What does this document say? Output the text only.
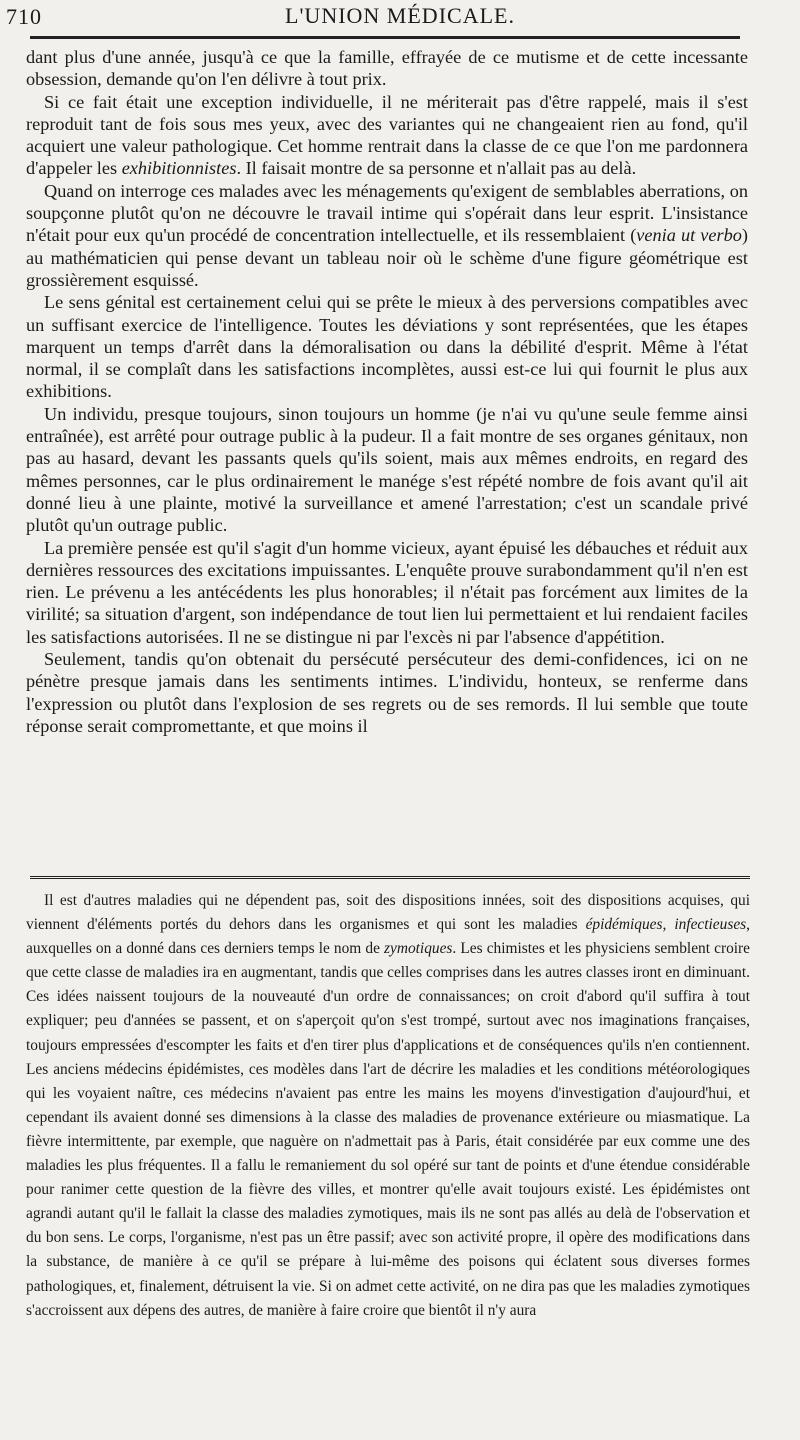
710	L'UNION MÉDICALE.

dant plus d'une année, jusqu'à ce que la famille, effrayée de ce mutisme et de cette incessante obsession, demande qu'on l'en délivre à tout prix.

Si ce fait était une exception individuelle, il ne mériterait pas d'être rappelé, mais il s'est reproduit tant de fois sous mes yeux, avec des variantes qui ne changeaient rien au fond, qu'il acquiert une valeur pathologique. Cet homme rentrait dans la classe de ce que l'on me pardonnera d'appeler les exhibitionnistes. Il faisait montre de sa personne et n'allait pas au delà.

Quand on interroge ces malades avec les ménagements qu'exigent de semblables aberrations, on soupçonne plutôt qu'on ne découvre le travail intime qui s'opérait dans leur esprit. L'insistance n'était pour eux qu'un procédé de concentration intellectuelle, et ils ressemblaient (venia ut verbo) au mathématicien qui pense devant un tableau noir où le schème d'une figure géométrique est grossièrement esquissé.

Le sens génital est certainement celui qui se prête le mieux à des perversions compatibles avec un suffisant exercice de l'intelligence. Toutes les déviations y sont représentées, que les étapes marquent un temps d'arrêt dans la démoralisation ou dans la débilité d'esprit. Même à l'état normal, il se complaît dans les satisfactions incomplètes, aussi est-ce lui qui fournit le plus aux exhibitions.

Un individu, presque toujours, sinon toujours un homme (je n'ai vu qu'une seule femme ainsi entraînée), est arrêté pour outrage public à la pudeur. Il a fait montre de ses organes génitaux, non pas au hasard, devant les passants quels qu'ils soient, mais aux mêmes endroits, en regard des mêmes personnes, car le plus ordinairement le manége s'est répété nombre de fois avant qu'il ait donné lieu à une plainte, motivé la surveillance et amené l'arrestation; c'est un scandale privé plutôt qu'un outrage public.

La première pensée est qu'il s'agit d'un homme vicieux, ayant épuisé les débauches et réduit aux dernières ressources des excitations impuissantes. L'enquête prouve surabondamment qu'il n'en est rien. Le prévenu a les antécédents les plus honorables; il n'était pas forcément aux limites de la virilité; sa situation d'argent, son indépendance de tout lien lui permettaient et lui rendaient faciles les satisfactions autorisées. Il ne se distingue ni par l'excès ni par l'absence d'appétition.

Seulement, tandis qu'on obtenait du persécuté persécuteur des demi-confidences, ici on ne pénètre presque jamais dans les sentiments intimes. L'individu, honteux, se renferme dans l'expression ou plutôt dans l'explosion de ses regrets ou de ses remords. Il lui semble que toute réponse serait compromettante, et que moins il

Il est d'autres maladies qui ne dépendent pas, soit des dispositions innées, soit des dispositions acquises, qui viennent d'éléments portés du dehors dans les organismes et qui sont les maladies épidémiques, infectieuses, auxquelles on a donné dans ces derniers temps le nom de zymotiques. Les chimistes et les physiciens semblent croire que cette classe de maladies ira en augmentant, tandis que celles comprises dans les autres classes iront en diminuant. Ces idées naissent toujours de la nouveauté d'un ordre de connaissances; on croit d'abord qu'il suffira à tout expliquer; peu d'années se passent, et on s'aperçoit qu'on s'est trompé, surtout avec nos imaginations françaises, toujours empressées d'escompter les faits et d'en tirer plus d'applications et de conséquences qu'ils n'en contiennent. Les anciens médecins épidémistes, ces modèles dans l'art de décrire les maladies et les conditions météorologiques qui les voyaient naître, ces médecins n'avaient pas entre les mains les moyens d'investigation d'aujourd'hui, et cependant ils avaient donné ses dimensions à la classe des maladies de provenance extérieure ou miasmatique. La fièvre intermittente, par exemple, que naguère on n'admettait pas à Paris, était considérée par eux comme une des maladies les plus fréquentes. Il a fallu le remaniement du sol opéré sur tant de points et d'une étendue considérable pour ranimer cette question de la fièvre des villes, et montrer qu'elle avait toujours existé. Les épidémistes ont agrandi autant qu'il le fallait la classe des maladies zymotiques, mais ils ne sont pas allés au delà de l'observation et du bon sens. Le corps, l'organisme, n'est pas un être passif; avec son activité propre, il opère des modifications dans la substance, de manière à ce qu'il se prépare à lui-même des poisons qui éclatent sous diverses formes pathologiques, et, finalement, détruisent la vie. Si on admet cette activité, on ne dira pas que les maladies zymotiques s'accroissent aux dépens des autres, de manière à faire croire que bientôt il n'y aura
